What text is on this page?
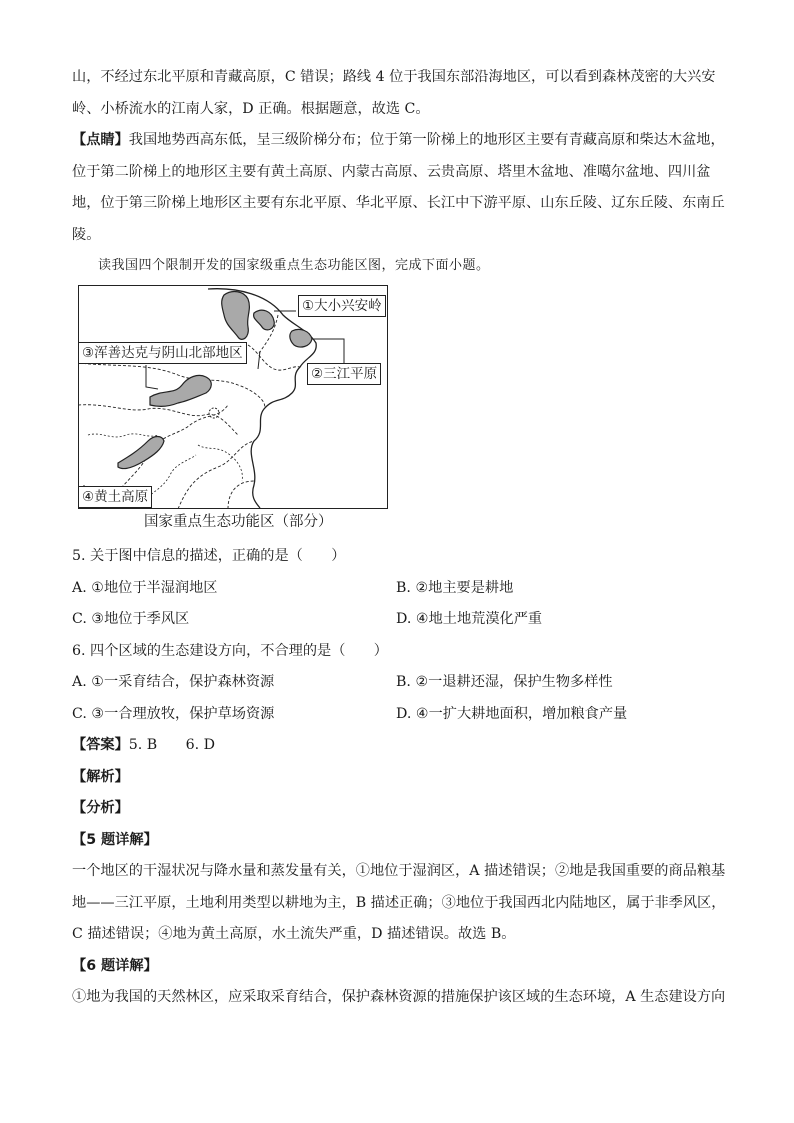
山，不经过东北平原和青藏高原，C 错误；路线 4 位于我国东部沿海地区，可以看到森林茂密的大兴安

岭、小桥流水的江南人家，D 正确。根据题意，故选 C。

【点睛】我国地势西高东低，呈三级阶梯分布；位于第一阶梯上的地形区主要有青藏高原和柴达木盆地，

位于第二阶梯上的地形区主要有黄土高原、内蒙古高原、云贵高原、塔里木盆地、准噶尔盆地、四川盆

地，位于第三阶梯上地形区主要有东北平原、华北平原、长江中下游平原、山东丘陵、辽东丘陵、东南丘

陵。

读我国四个限制开发的国家级重点生态功能区图，完成下面小题。

①大小兴安岭
③浑善达克与阴山北部地区
②三江平原
④黄土高原
国家重点生态功能区（部分）

5. 关于图中信息的描述，正确的是（　　）

A. ①地位于半湿润地区	B. ②地主要是耕地
C. ③地位于季风区	D. ④地土地荒漠化严重

6. 四个区域的生态建设方向，不合理的是（　　）

A. ①一采育结合，保护森林资源	B. ②一退耕还湿，保护生物多样性
C. ③一合理放牧，保护草场资源	D. ④一扩大耕地面积，增加粮食产量

【答案】5. B　　6. D

【解析】

【分析】

【5 题详解】

一个地区的干湿状况与降水量和蒸发量有关，①地位于湿润区，A 描述错误；②地是我国重要的商品粮基

地——三江平原，土地利用类型以耕地为主，B 描述正确；③地位于我国西北内陆地区，属于非季风区，

C 描述错误；④地为黄土高原，水土流失严重，D 描述错误。故选 B。

【6 题详解】

①地为我国的天然林区，应采取采育结合，保护森林资源的措施保护该区域的生态环境，A 生态建设方向
